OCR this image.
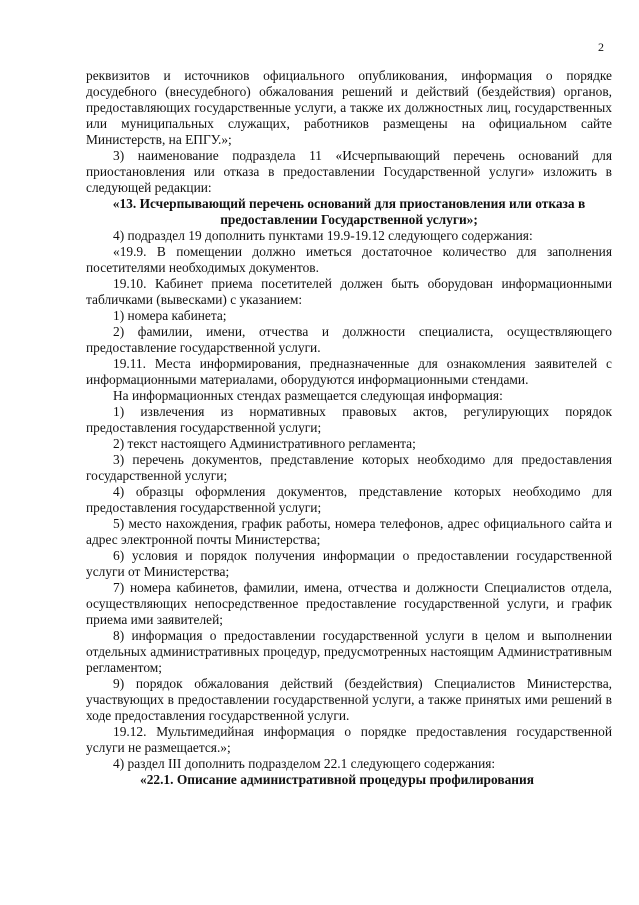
2

реквизитов и источников официального опубликования, информация о порядке досудебного (внесудебного) обжалования решений и действий (бездействия) органов, предоставляющих государственные услуги, а также их должностных лиц, государственных или муниципальных служащих, работников размещены на официальном сайте Министерств, на ЕПГУ.»;

3) наименование подраздела 11 «Исчерпывающий перечень оснований для приостановления или отказа в предоставлении Государственной услуги» изложить в следующей редакции:

«13. Исчерпывающий перечень оснований для приостановления или отказа в предоставлении Государственной услуги»;

4) подраздел 19 дополнить пунктами 19.9-19.12 следующего содержания:

«19.9. В помещении должно иметься достаточное количество для заполнения посетителями необходимых документов.

19.10. Кабинет приема посетителей должен быть оборудован информационными табличками (вывесками) с указанием:

1) номера кабинета;

2) фамилии, имени, отчества и должности специалиста, осуществляющего предоставление государственной услуги.

19.11. Места информирования, предназначенные для ознакомления заявителей с информационными материалами, оборудуются информационными стендами.

На информационных стендах размещается следующая информация:

1) извлечения из нормативных правовых актов, регулирующих порядок предоставления государственной услуги;

2) текст настоящего Административного регламента;

3) перечень документов, представление которых необходимо для предоставления государственной услуги;

4) образцы оформления документов, представление которых необходимо для предоставления государственной услуги;

5) место нахождения, график работы, номера телефонов, адрес официального сайта и адрес электронной почты Министерства;

6) условия и порядок получения информации о предоставлении государственной услуги от Министерства;

7) номера кабинетов, фамилии, имена, отчества и должности Специалистов отдела, осуществляющих непосредственное предоставление государственной услуги, и график приема ими заявителей;

8) информация о предоставлении государственной услуги в целом и выполнении отдельных административных процедур, предусмотренных настоящим Административным регламентом;

9) порядок обжалования действий (бездействия) Специалистов Министерства, участвующих в предоставлении государственной услуги, а также принятых ими решений в ходе предоставления государственной услуги.

19.12. Мультимедийная информация о порядке предоставления государственной услуги не размещается.»;

4) раздел III дополнить подразделом 22.1 следующего содержания:

«22.1. Описание административной процедуры профилирования
